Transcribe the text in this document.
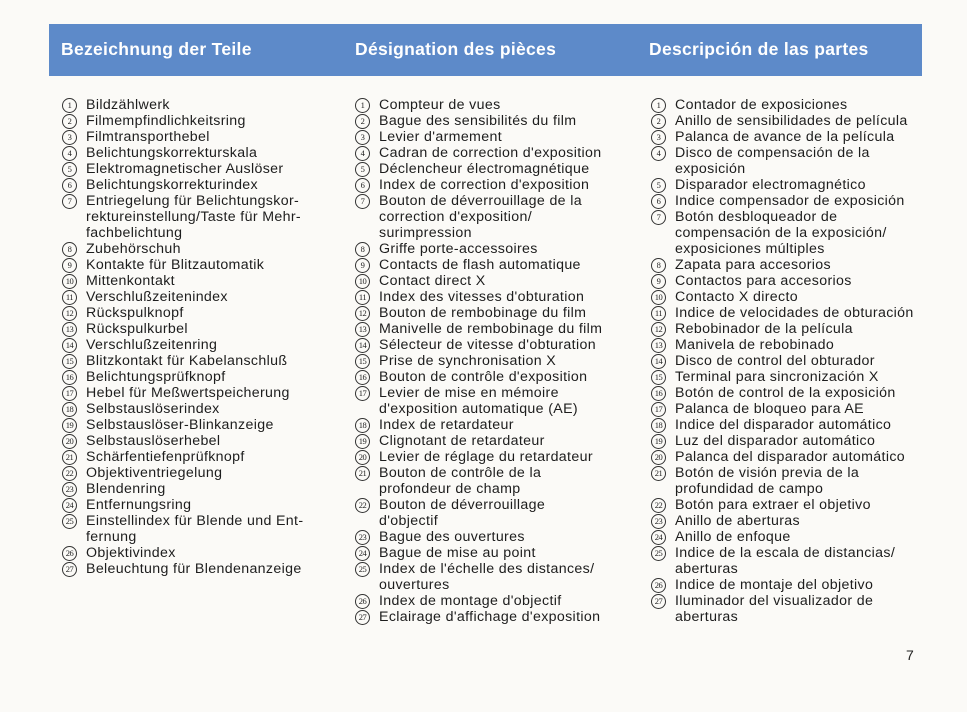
Bezeichnung der Teile	Désignation des pièces	Descripción de las partes
1	Bildzählwerk
2	Filmempfindlichkeitsring
3	Filmtransporthebel
4	Belichtungskorrekturskala
5	Elektromagnetischer Auslöser
6	Belichtungskorrekturindex
7	Entriegelung für Belichtungskor-
rektureinstellung/Taste für Mehr-
fachbelichtung
8	Zubehörschuh
9	Kontakte für Blitzautomatik
10 Mittenkontakt
11 Verschlußzeitenindex
12 Rückspulknopf
13 Rückspulkurbel
14 Verschlußzeitenring
15 Blitzkontakt für Kabelanschluß
16 Belichtungsprüfknopf
17 Hebel für Meßwertspeicherung
18 Selbstauslöserindex
19 Selbstauslöser-Blinkanzeige
20 Selbstauslöserhebel
21 Schärfentiefenprüfknopf
22 Objektiventriegelung
23 Blendenring
24 Entfernungsring
25 Einstellindex für Blende und Ent-
fernung
26 Objektivindex
27 Beleuchtung für Blendenanzeige
1	Compteur de vues
2	Bague des sensibilités du film
3	Levier d'armement
4	Cadran de correction d'exposition
5	Déclencheur électromagnétique
6	Index de correction d'exposition
7	Bouton de déverrouillage de la
correction d'exposition/
surimpression
8	Griffe porte-accessoires
9	Contacts de flash automatique
10 Contact direct X
11 Index des vitesses d'obturation
12 Bouton de rembobinage du film
13 Manivelle de rembobinage du film
14 Sélecteur de vitesse d'obturation
15 Prise de synchronisation X
16 Bouton de contrôle d'exposition
17 Levier de mise en mémoire
d'exposition automatique (AE)
18 Index de retardateur
19 Clignotant de retardateur
20 Levier de réglage du retardateur
21 Bouton de contrôle de la
profondeur de champ
22 Bouton de déverrouillage
d'objectif
23 Bague des ouvertures
24 Bague de mise au point
25 Index de l'échelle des distances/
ouvertures
26 Index de montage d'objectif
27 Eclairage d'affichage d'exposition
1	Contador de exposiciones
2	Anillo de sensibilidades de película
3	Palanca de avance de la película
4	Disco de compensación de la
exposición
5	Disparador electromagnético
6	Indice compensador de exposición
7	Botón desbloqueador de
compensación de la exposición/
exposiciones múltiples
8	Zapata para accesorios
9	Contactos para accesorios
10 Contacto X directo
11 Indice de velocidades de obturación
12 Rebobinador de la película
13 Manivela de rebobinado
14 Disco de control del obturador
15 Terminal para sincronización X
16 Botón de control de la exposición
17 Palanca de bloqueo para AE
18 Indice del disparador automático
19 Luz del disparador automático
20 Palanca del disparador automático
21 Botón de visión previa de la
profundidad de campo
22 Botón para extraer el objetivo
23 Anillo de aberturas
24 Anillo de enfoque
25 Indice de la escala de distancias/
aberturas
26 Indice de montaje del objetivo
27 Iluminador del visualizador de
aberturas
7
